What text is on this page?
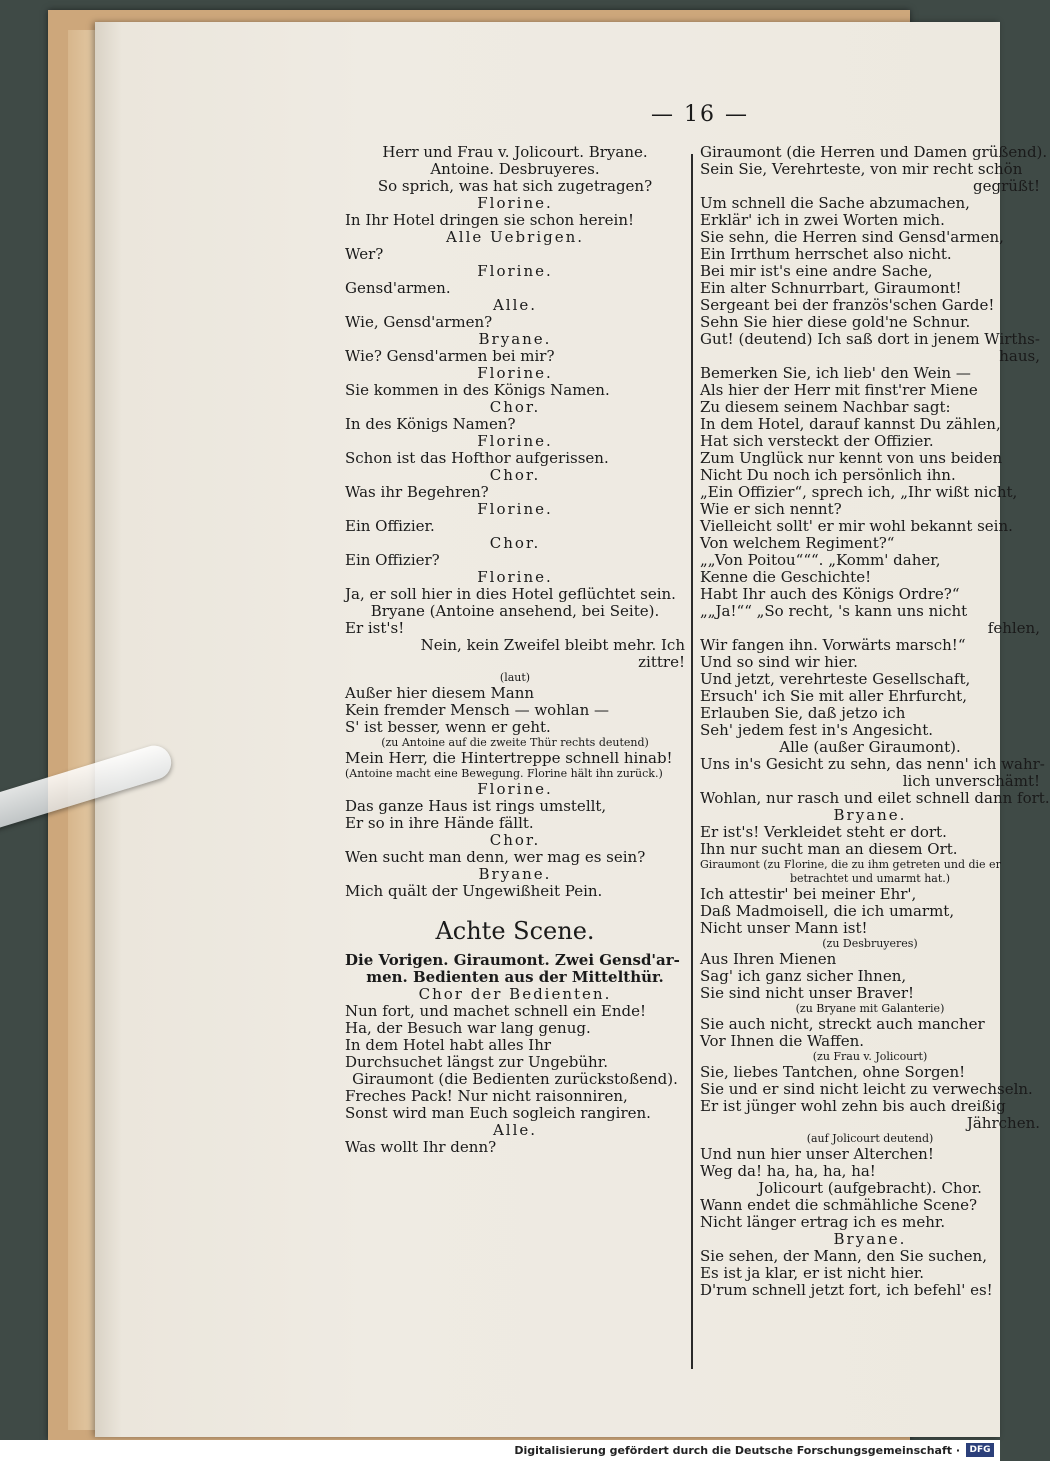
— 16 —
Herr und Frau v. Jolicourt. Bryane.
Antoine. Desbruyeres.
So sprich, was hat sich zugetragen?
Florine.
In Ihr Hotel dringen sie schon herein!
Alle Uebrigen.
Wer?
Florine.
Gensd'armen.
Alle.
Wie, Gensd'armen?
Bryane.
Wie? Gensd'armen bei mir?
Florine.
Sie kommen in des Königs Namen.
Chor.
In des Königs Namen?
Florine.
Schon ist das Hofthor aufgerissen.
Chor.
Was ihr Begehren?
Florine.
Ein Offizier.
Chor.
Ein Offizier?
Florine.
Ja, er soll hier in dies Hotel geflüchtet sein.
Bryane (Antoine ansehend, bei Seite).
Er ist's!
Nein, kein Zweifel bleibt mehr. Ich
zittre!
(laut)
Außer hier diesem Mann
Kein fremder Mensch — wohlan —
S' ist besser, wenn er geht.
(zu Antoine auf die zweite Thür rechts deutend)
Mein Herr, die Hintertreppe schnell hinab!
(Antoine macht eine Bewegung. Florine hält ihn zurück.)
Florine.
Das ganze Haus ist rings umstellt,
Er so in ihre Hände fällt.
Chor.
Wen sucht man denn, wer mag es sein?
Bryane.
Mich quält der Ungewißheit Pein.
Achte Scene.
Die Vorigen. Giraumont. Zwei Gensd'ar-
men. Bedienten aus der Mittelthür.
Chor der Bedienten.
Nun fort, und machet schnell ein Ende!
Ha, der Besuch war lang genug.
In dem Hotel habt alles Ihr
Durchsuchet längst zur Ungebühr.
Giraumont (die Bedienten zurückstoßend).
Freches Pack! Nur nicht raisonniren,
Sonst wird man Euch sogleich rangiren.
Alle.
Was wollt Ihr denn?
Giraumont (die Herren und Damen grüßend).
Sein Sie, Verehrteste, von mir recht schön
gegrüßt!
Um schnell die Sache abzumachen,
Erklär' ich in zwei Worten mich.
Sie sehn, die Herren sind Gensd'armen,
Ein Irrthum herrschet also nicht.
Bei mir ist's eine andre Sache,
Ein alter Schnurrbart, Giraumont!
Sergeant bei der französ'schen Garde!
Sehn Sie hier diese gold'ne Schnur.
Gut! (deutend) Ich saß dort in jenem Wirths-
haus,
Bemerken Sie, ich lieb' den Wein —
Als hier der Herr mit finst'rer Miene
Zu diesem seinem Nachbar sagt:
In dem Hotel, darauf kannst Du zählen,
Hat sich versteckt der Offizier.
Zum Unglück nur kennt von uns beiden
Nicht Du noch ich persönlich ihn.
„Ein Offizier“, sprech ich, „Ihr wißt nicht,
Wie er sich nennt?
Vielleicht sollt' er mir wohl bekannt sein.
Von welchem Regiment?“
„„Von Poitou“““. „Komm' daher,
Kenne die Geschichte!
Habt Ihr auch des Königs Ordre?“
„„Ja!““ „So recht, 's kann uns nicht
fehlen,
Wir fangen ihn. Vorwärts marsch!“
Und so sind wir hier.
Und jetzt, verehrteste Gesellschaft,
Ersuch' ich Sie mit aller Ehrfurcht,
Erlauben Sie, daß jetzo ich
Seh' jedem fest in's Angesicht.
Alle (außer Giraumont).
Uns in's Gesicht zu sehn, das nenn' ich wahr-
lich unverschämt!
Wohlan, nur rasch und eilet schnell dann fort.
Bryane.
Er ist's! Verkleidet steht er dort.
Ihn nur sucht man an diesem Ort.
Giraumont (zu Florine, die zu ihm getreten und die er
betrachtet und umarmt hat.)
Ich attestir' bei meiner Ehr',
Daß Madmoisell, die ich umarmt,
Nicht unser Mann ist!
(zu Desbruyeres)
Aus Ihren Mienen
Sag' ich ganz sicher Ihnen,
Sie sind nicht unser Braver!
(zu Bryane mit Galanterie)
Sie auch nicht, streckt auch mancher
Vor Ihnen die Waffen.
(zu Frau v. Jolicourt)
Sie, liebes Tantchen, ohne Sorgen!
Sie und er sind nicht leicht zu verwechseln.
Er ist jünger wohl zehn bis auch dreißig
Jährchen.
(auf Jolicourt deutend)
Und nun hier unser Alterchen!
Weg da! ha, ha, ha, ha!
Jolicourt (aufgebracht). Chor.
Wann endet die schmähliche Scene?
Nicht länger ertrag ich es mehr.
Bryane.
Sie sehen, der Mann, den Sie suchen,
Es ist ja klar, er ist nicht hier.
D'rum schnell jetzt fort, ich befehl' es!
Digitalisierung gefördert durch die Deutsche Forschungsgemeinschaft ·	DFG
